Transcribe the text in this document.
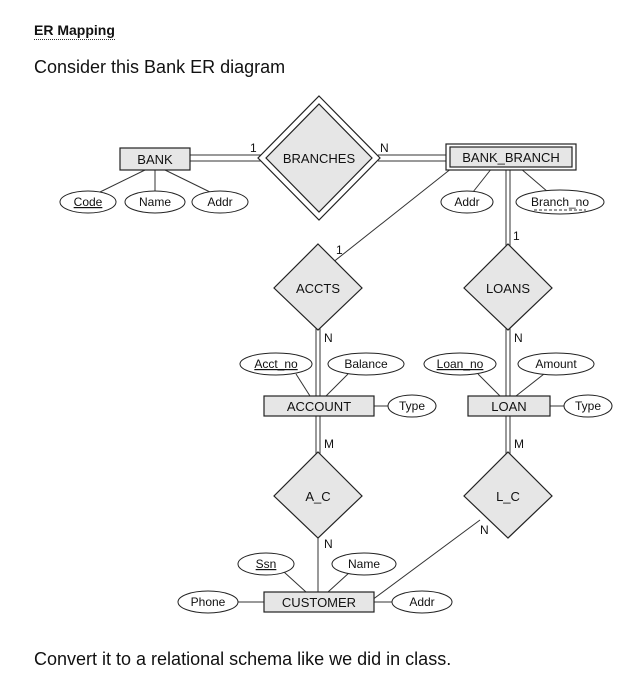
ER Mapping
Consider this Bank ER diagram
BANK	BANK_BRANCH
ACCOUNT	LOAN
CUSTOMER
BRANCHES
ACCTS	LOANS
A_C	L_C
Code	Name	Addr	Addr	Branch_no
Acct_no	Balance
Type
Loan_no	Amount
Type
Ssn	Name
Phone	Addr
1	N
1
N
1
N
M
N
M
N
Convert it to a relational schema like we did in class.
